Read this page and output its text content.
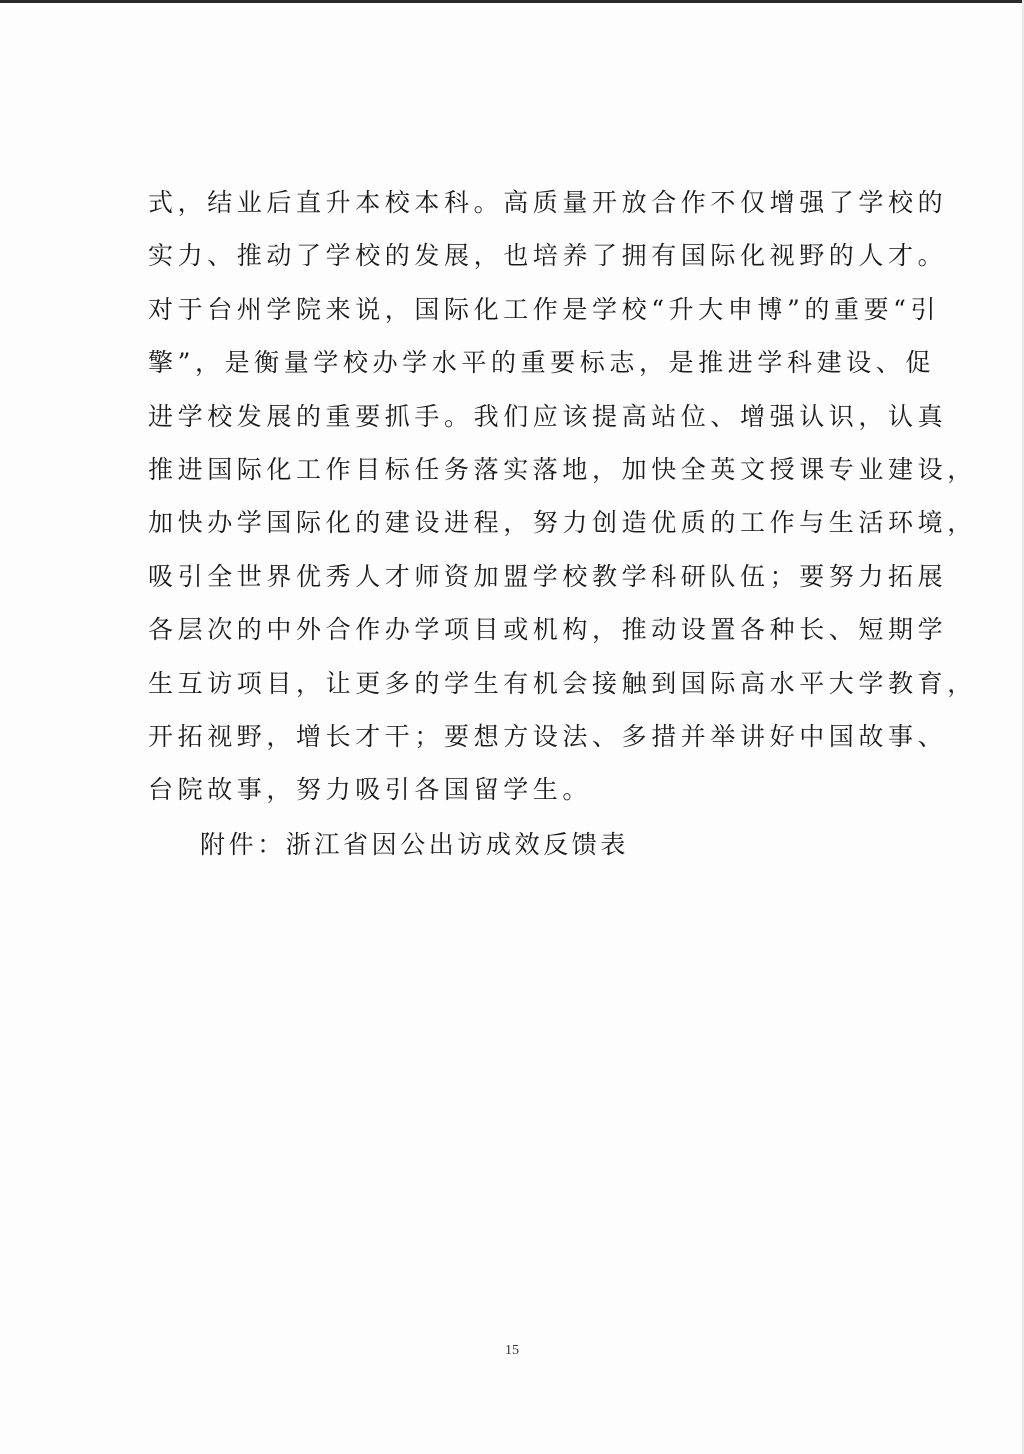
式，结业后直升本校本科。高质量开放合作不仅增强了学校的
实力、推动了学校的发展，也培养了拥有国际化视野的人才。
对于台州学院来说，国际化工作是学校“升大申博”的重要“引
擎”，是衡量学校办学水平的重要标志，是推进学科建设、促
进学校发展的重要抓手。我们应该提高站位、增强认识，认真
推进国际化工作目标任务落实落地，加快全英文授课专业建设，
加快办学国际化的建设进程，努力创造优质的工作与生活环境，
吸引全世界优秀人才师资加盟学校教学科研队伍；要努力拓展
各层次的中外合作办学项目或机构，推动设置各种长、短期学
生互访项目，让更多的学生有机会接触到国际高水平大学教育，
开拓视野，增长才干；要想方设法、多措并举讲好中国故事、
台院故事，努力吸引各国留学生。
附件：浙江省因公出访成效反馈表
15
